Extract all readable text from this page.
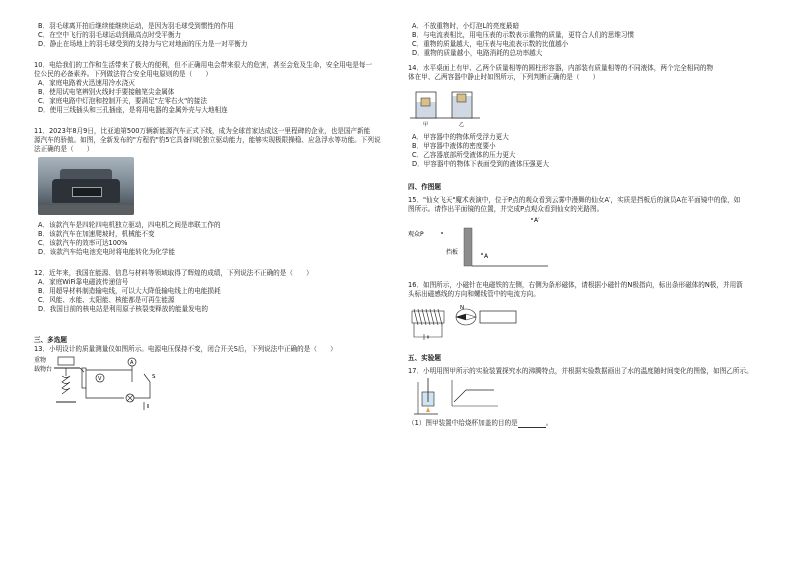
B．羽毛球离开拍后继续能继续运动，是因为羽毛球受到惯性的作用
C．在空中飞行的羽毛球运动到最高点时受平衡力
D．静止在场地上的羽毛球受到的支持力与它对地面的压力是一对平衡力
10．电给我们的工作和生活带来了极大的便利，但不正确用电会带来很大的危害，甚至会危及生命，安全用电是每一
位公民的必备素养。下列做法符合安全用电原则的是（　　）
A．家庭电路着火迅速用冷水浇灭
B．使用试电笔辨别火线时手要接触笔尖金属体
C．家庭电路中灯泡和控制开关，要满足"左零右火"的接法
D．使用三线插头和三孔插座，是将用电器的金属外壳与大地相连
11．2023年8月9日，比亚迪第500万辆新能源汽车正式下线，成为全球首家达成这一里程碑的企业，也是国产新能
源汽车的骄傲。如图，全新发布的"方程豹"豹5它具备四轮独立驱动能力，能够实现极限操稳、应急浮水等功能。下列说
法正确的是（　　）
A．该款汽车是四轮四电机独立驱动，四电机之间是串联工作的
B．该款汽车在加速爬坡时，机械能不变
C．该款汽车的效率可达100%
D．该款汽车给电池充电时将电能转化为化学能
12．近年来，我国在能源、信息与材料等领域取得了辉煌的成绩，下列说法不正确的是（　　）
A．家庭WiFi靠电磁波传递信号
B．用超导材料制造输电线，可以大大降低输电线上的电能损耗
C．风能、水能、太阳能、核能都是可再生能源
D．我国目前的核电站是利用原子核裂变释放的能量发电的
三、多选题
13．小明设计的质量测量仪如图所示。电源电压保持不变，闭合开关S后，下列说法中正确的是（　　）
重物
载物台
V
A
S
A．不放重物时，小灯泡L的亮度最暗
B．与电流表相比，用电压表的示数表示重物的质量，更符合人们的思维习惯
C．重物的质量越大，电压表与电流表示数的比值越小
D．重物的质量越小，电路消耗的总功率越大
14．水平桌面上有甲、乙两个质量相等的圆柱形容器，内部装有质量相等的不同液体，两个完全相同的物
体在甲、乙两容器中静止时如图所示，下列判断正确的是（　　）
甲	乙
A．甲容器中的物体所受浮力更大
B．甲容器中液体的密度要小
C．乙容器底部所受液体的压力更大
D．甲容器中的物体下表面受到的液体压强更大
四、作图题
15．"仙女飞天"魔术表演中，位于P点的观众看到云雾中漫舞的仙女A′，实质是挡板后的演员A在平面镜中的像，如
图所示。请作出平面镜的位置，并完成P点观众看到仙女的光路图。
A′
观众P
挡板
A
16．如图所示，小磁针在电磁铁的左侧，右侧为条形磁体，请根据小磁针的N极指向，标出条形磁体的N极，并用箭
头标出磁感线的方向和螺线管中的电流方向。
N
五、实验题
17．小明用图甲所示的实验装置探究水的沸腾特点，并根据实验数据画出了水的温度随时间变化的图像，如图乙所示。
（1）图甲装置中给烧杯加盖的目的是	。
